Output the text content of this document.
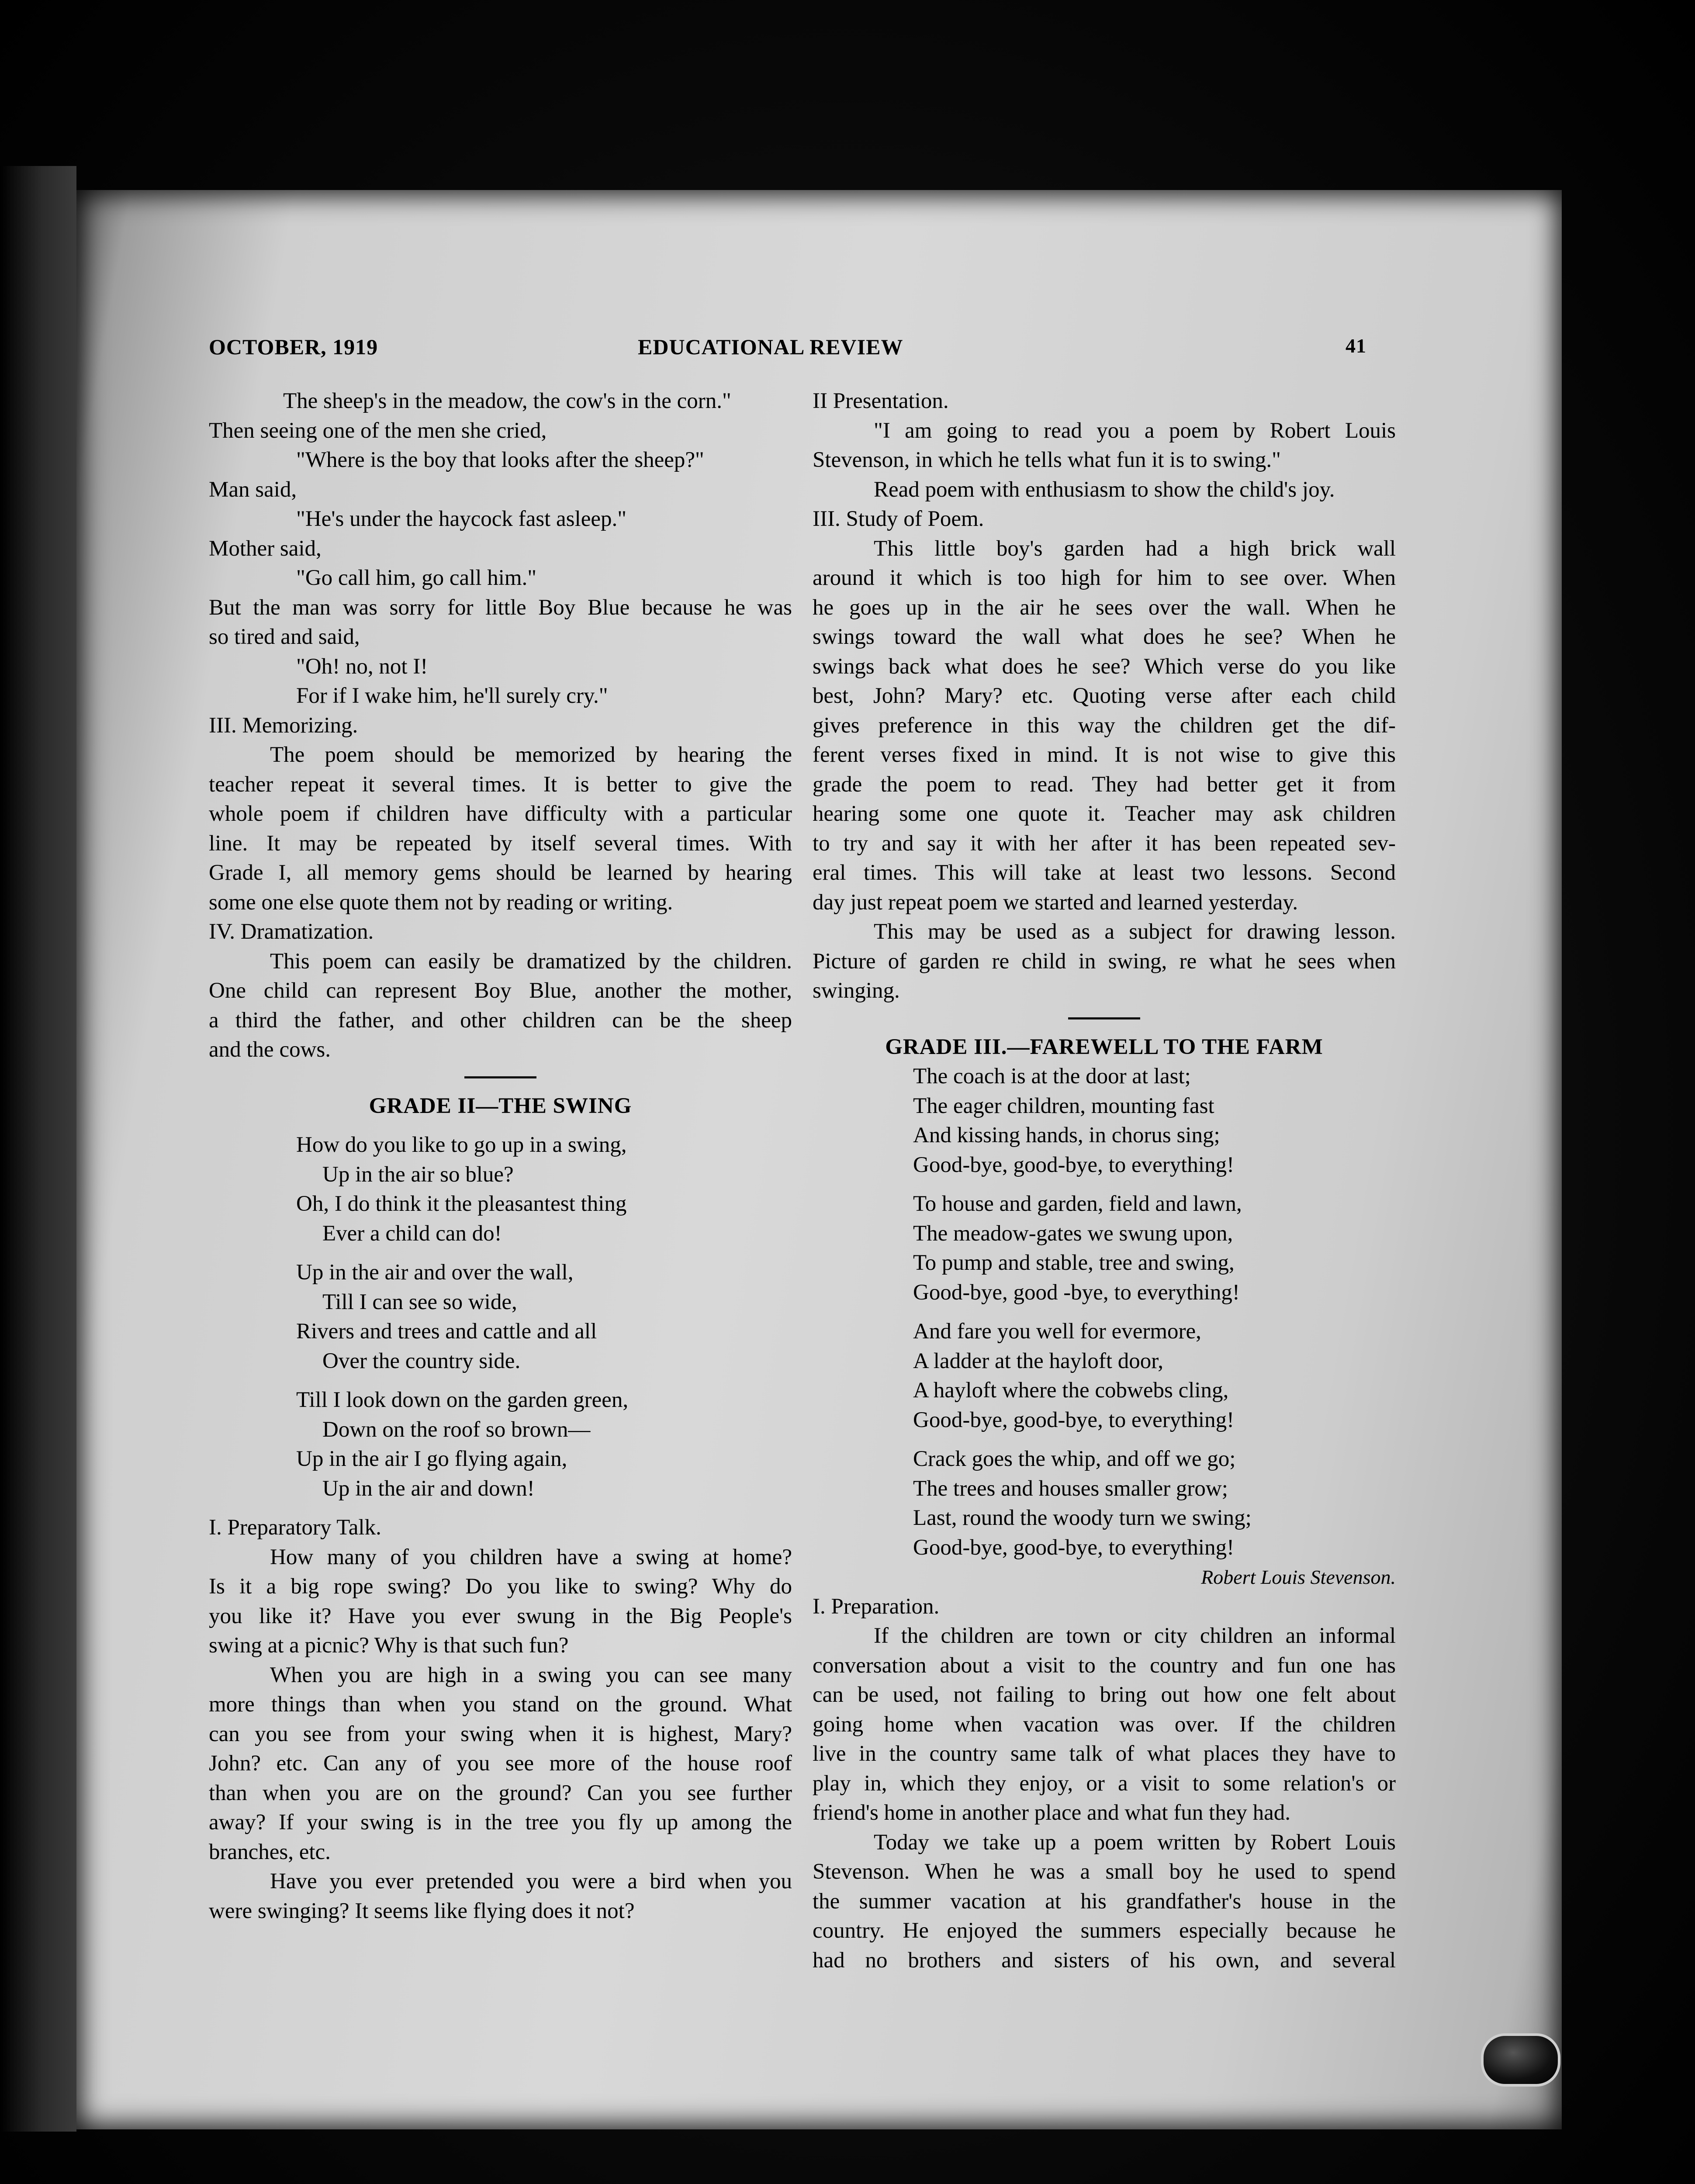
OCTOBER, 1919	EDUCATIONAL REVIEW	41
The sheep's in the meadow, the cow's in the corn."
Then seeing one of the men she cried,
"Where is the boy that looks after the sheep?"
Man said,
"He's under the haycock fast asleep."
Mother said,
"Go call him, go call him."
But the man was sorry for little Boy Blue because he was
so tired and said,
"Oh! no, not I!
For if I wake him, he'll surely cry."
III. Memorizing.
The poem should be memorized by hearing the
teacher repeat it several times. It is better to give the
whole poem if children have difficulty with a particular
line. It may be repeated by itself several times. With
Grade I, all memory gems should be learned by hearing
some one else quote them not by reading or writing.
IV. Dramatization.
This poem can easily be dramatized by the children.
One child can represent Boy Blue, another the mother,
a third the father, and other children can be the sheep
and the cows.
GRADE II—THE SWING
How do you like to go up in a swing,
Up in the air so blue?
Oh, I do think it the pleasantest thing
Ever a child can do!
Up in the air and over the wall,
Till I can see so wide,
Rivers and trees and cattle and all
Over the country side.
Till I look down on the garden green,
Down on the roof so brown—
Up in the air I go flying again,
Up in the air and down!
I. Preparatory Talk.
How many of you children have a swing at home?
Is it a big rope swing? Do you like to swing? Why do
you like it? Have you ever swung in the Big People's
swing at a picnic? Why is that such fun?
When you are high in a swing you can see many
more things than when you stand on the ground. What
can you see from your swing when it is highest, Mary?
John? etc. Can any of you see more of the house roof
than when you are on the ground? Can you see further
away? If your swing is in the tree you fly up among the
branches, etc.
Have you ever pretended you were a bird when you
were swinging? It seems like flying does it not?
II Presentation.
"I am going to read you a poem by Robert Louis
Stevenson, in which he tells what fun it is to swing."
Read poem with enthusiasm to show the child's joy.
III. Study of Poem.
This little boy's garden had a high brick wall
around it which is too high for him to see over. When
he goes up in the air he sees over the wall. When he
swings toward the wall what does he see? When he
swings back what does he see? Which verse do you like
best, John? Mary? etc. Quoting verse after each child
gives preference in this way the children get the dif-
ferent verses fixed in mind. It is not wise to give this
grade the poem to read. They had better get it from
hearing some one quote it. Teacher may ask children
to try and say it with her after it has been repeated sev-
eral times. This will take at least two lessons. Second
day just repeat poem we started and learned yesterday.
This may be used as a subject for drawing lesson.
Picture of garden re child in swing, re what he sees when
swinging.
GRADE III.—FAREWELL TO THE FARM
The coach is at the door at last;
The eager children, mounting fast
And kissing hands, in chorus sing;
Good-bye, good-bye, to everything!
To house and garden, field and lawn,
The meadow-gates we swung upon,
To pump and stable, tree and swing,
Good-bye, good -bye, to everything!
And fare you well for evermore,
A ladder at the hayloft door,
A hayloft where the cobwebs cling,
Good-bye, good-bye, to everything!
Crack goes the whip, and off we go;
The trees and houses smaller grow;
Last, round the woody turn we swing;
Good-bye, good-bye, to everything!
Robert Louis Stevenson.
I. Preparation.
If the children are town or city children an informal
conversation about a visit to the country and fun one has
can be used, not failing to bring out how one felt about
going home when vacation was over. If the children
live in the country same talk of what places they have to
play in, which they enjoy, or a visit to some relation's or
friend's home in another place and what fun they had.
Today we take up a poem written by Robert Louis
Stevenson. When he was a small boy he used to spend
the summer vacation at his grandfather's house in the
country. He enjoyed the summers especially because he
had no brothers and sisters of his own, and several
